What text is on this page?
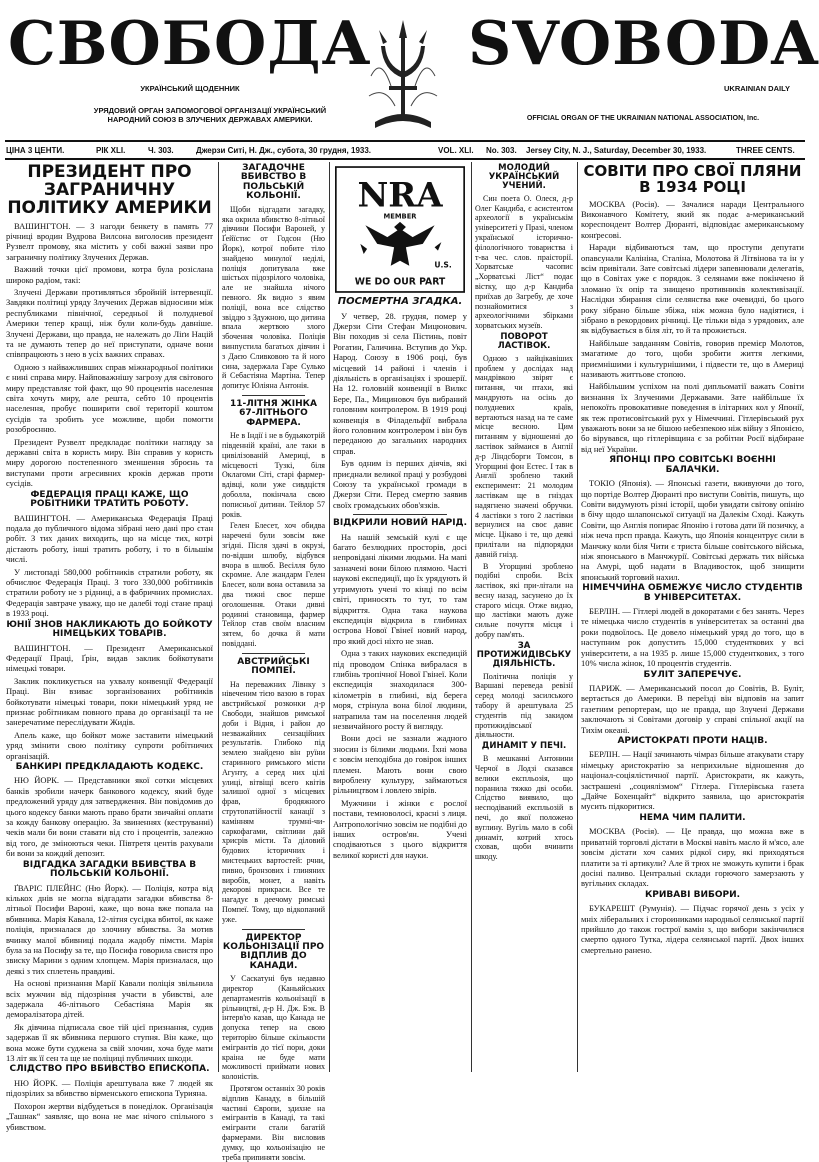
СВОБОДА SVOBODA
УКРАЇНСЬКИЙ ЩОДЕННИК	UKRAINIAN DAILY
УРЯДОВИЙ ОРГАН ЗАПОМОГОВОЇ ОРГАНІЗАЦІЇ УКРАЇНСЬКИЙ НАРОДНИЙ СОЮЗ В ЗЛУЧЕНИХ ДЕРЖАВАХ АМЕРИКИ.	OFFICIAL ORGAN OF THE UKRAINIAN NATIONAL ASSOCIATION, Inc.
ЦІНА 3 ЦЕНТИ.	РІК XLI.	Ч. 303.	Джерзи Ситі, Н. Дж., субота, 30 грудня, 1933.	VOL. XLI. No. 303. Jersey City, N. J., Saturday, December 30, 1933.	THREE CENTS.
ПРЕЗИДЕНТ ПРО ЗАГРАНИЧНУ ПОЛІТИКУ АМЕРИКИ

ВАШИНГТОН. — З нагоди бенкету в память 77 річниці вродин Вудрова Вилсона виголосив президент Рузвелт промову, яка містить у собі важні заяви про заграничну політику Злучених Держав.

Важний точки цієї промови, котра була розіслана широко радіом, такі:

Злучені Держави противляться збройній інтервенції. Завдяки політиці уряду Злучених Держав відносини між республиками північної, середньої й полудневої Америки тепер кращі, ніж були коли-будь давніше. Злучені Держави, що правда, не належать до Ліґи Націй та не думають тепер до неї приступати, одначе вони співпрацюють з нею в усіх важних справах.

Одною з найважливших справ міжнародньої політики є нині справа миру. Найповажнішу загрозу для світового миру представляє той факт, що 90 процентів населення світа хочуть миру, але решта, себто 10 процентів населення, пробує поширити свої території коштом сусідів та зробить усе можливе, щоби помогти розоброєнню.

Президент Рузвелт предкладає політики нагляду за державні світа в користь миру. Він справив у користь миру дорогою постепенного зменшення зброєнь та виступами проти агресивних кроків держав проти сусідів.

ФЕДЕРАЦІЯ ПРАЦІ КАЖЕ, ЩО РОБІТНИКИ ТРАТИТЬ РОБОТУ.

ВАШИНГТОН. — Американська Федерація Праці подала до публичного відома зібрані нею дані про стан робіт. З тих даних виходить, що на місце тих, котрі дістають роботу, інші тратить роботу, і то в більшім числі.

У листопаді 580,000 робітників стратили роботу, як обчислює Федерація Праці. З того 330,000 робітників стратили роботу не з рідниці, а в фабричних промислах. Федерація завтраче уважу, що не далебі тоді стане праці в 1933 році.

ЮНІЇ ЗНОВ НАКЛИКАЮТЬ ДО БОЙКОТУ НІМЕЦЬКИХ ТОВАРІВ.

ВАШИНГТОН. — Президент Американської Федерації Праці, Ґрін, видав заклик бойкотувати німецькі товари.

Заклик покликується на ухвалу конвенції Федерації Праці. Він взиває зорганізованих робітників бойкотувати німецькі товари, поки німецький уряд не признає робітникам повного права до організації та не занеречатиме переслідувати Жидів.

Апель каже, що бойкот може заставити німецький уряд змінити свою політику супроти робітничих організацій.

БАНКИРІ ПРЕДКЛАДАЮТЬ КОДЕКС.

НЮ ЙОРК. — Представники якої сотки місцевих банків зробили начерк банкового кодексу, який буде предложений уряду для затвердження. Він повідомив до цього кодексу банки мають право брати звичайні оплати за кожду банкову операцію. За звиненнях (кеструванні) чеків мали би вони ставати від сто і процентів, залежно від того, де зміноються чеки. Півтретя центів рахували би вони за кождий депозит.

ВІДГАДКА ЗАГАДКИ ВБИВСТВА В ПОЛЬСЬКІЙ КОЛЬОНІЇ.

ҐВАРІС ПЛЕЙНС (Ню Йорк). — Поліція, котра від кількох днів не могла відгадати загадки вбивства 8-літньої Посифи Вароні, каже, що вона вже попала на вбивника. Марія Кавала, 12-літня сусідка вбитої, як каже поліція, призналася до злочину вбивства. За мотив вчинку малої вбивниці подала жадобу пімсти. Марія була за на Посифу за те, що Посифа говорила свистя про звиску Марини з одним хлопцем. Марія призналася, що деякі з тих сплетень правдиві.

На основі признання Марії Кавали поліція звільнила всіх мужчин від підозріння участи в убивстві, але задержала 46-літнього Себастіяна Марія як деморалізатора дітей.

Як дівчина підписала свое тій цієї признання, судив задержав її як вбивника першого ступня. Він каже, що вона може бути суджена за свій злочин, хоча буде мати 13 літ як її сен та ще не поліциці публичних шкоди.

СЛІДСТВО ПРО ВБИВСТВО ЕПИСКОПА.

НЮ ЙОРК. — Поліція арештувала вже 7 людей як підозрілих за вбивство вірменського епископа Турияна.

Похорон жертви відбудеться в понеділок. Органiзація „Ташнак“ заявляє, що вона не має нічого спільного з убивством.

ЗАГАДОЧНЕ ВБИВСТВО В ПОЛЬСЬКІЙ КОЛЬОНІЇ.

Щоби відгадати загадку, яка окрила вбивство 8-літньої дівчини Посифи Вароней, у Ґейїстис от Годсон (Ню Йорк), котрої побите тіло знайдено минулої неділі, поліція допитувала вже шістьох підозрілого чоловіка, але не знайшла нічого певного. Як видно з явим поліції, вона все слідство звіддю з Здужною, що дитина впала жертвою злого збочення чоловіка. Поліція винпустила багатьох дівчин і з Даєю Сливковою та й ного сина, задержала Гаре Сулько й Себастіяна Мартіна. Тепер допитує Юліяна Антонія.

11-ЛІТНЯ ЖІНКА 67-ЛІТНЬОГО ФАРМЕРА.

Не в Індії і не в будьякотрій південній країні, але таки в цивілізованій Америці, в місцевості Тузкі, біля Оклагоми Сіті, старі фармер-вдівці, коли уже сивдцістя доболла, покінчала свою пописньої дитини. Тейлор 57 років.

Гелен Блесет, хоч обидва наречені були зовсім вже згідні. Після здачі в окрузі, по-відши шлюбу, відбувся вчора в шлюб. Весілля було скромне. Але жандарм Гелен Блесет, коли вона оставила за два тижні своє перше оголошення. Отаки дивні родинні становища, фармер Тейлор став своїм власним зятем, бо дочка й мати повіддані.

АВСТРИЙСЬКІ ПОМПЕЇ.

На переважних Лівнку з нівеченим тією вазою в горах австрийської розконки д-р Свободи, знайшов римської доби і Відня, і район до незважайних сензаційних результатів. Глибоко під землею знайдено він руїни старинного римського місти Агунту, а серед них цілі улиці, вітвіщі всего квітів залишої одної з місцевих фрав, бродяжного струтопатійностії канації з камінням трумні-чи-саркофагами, світлини дай хрисрів місти. Та діловий будових історичних і мистецьких вартостей: рчни, пивно, бронзових і глиняних виробів, монет, а навіть декорові прикраси. Все те нагадує в деечому римські Помпеї. Тому, що відкопаний уже.

ДИРЕКТОР КОЛЬОНІЗАЦІЇ ПРО ВІДПЛИВ ДО КАНАДИ.

У Саскатунi був недавно директор (Каньяйських департаментів кольонізації в рільництві, д-р Н. Дж. Бэк. В інтерв'ю казав, що Канада не допуска тепер на свою територію більше скількости емігрантів до тієї пори, доки краіна не буде мати можливості приймати нових колоністів.

Протягом останніх 30 років відплив Канаду, в більшій частині Європи, здихне на емігрантів в Канаді, та такі емігранти стали багатій фармерами. Він висловив думку, що кольонізацію не треба припиняти зовсім.

NRA
MEMBER
U.S.
WE DO OUR PART
ПОСМЕРТНА ЗГАДКА.

У четвер, 28. грудня, помер у Джерзи Сіти Стефан Мицюнович. Він походив зі села Пістинь, повіт Рогатин, Галичина. Вступив до Укр. Народ. Союзу в 1906 році, був місцевий 14 районі і членів і діяльність в організаціях і зрошерії. На 12. головній конвенції в Вилкс Бере, Па., Мициновоч був вибраний головним контролером. В 1919 році конвенція в Філадельфії вибрала його головним контролером і він був переданою до загальних народних справ.

Був одним із перших діячів, які приєднали великої праці у розбудовi Союзу та української громади в Джерзи Сiти. Перед смертю заявив своїх громадських обов'язків.

ВІДКРИЛИ НОВИЙ НАРІД.

На нашій земській кулі є ще багато безлюдних просторів, досі непровідані лікими людьми. На мапі зазначені вони білою плямою. Часті наукові експедиції, що їх урядують й утримують учені то кінці по всім світі, приносять то тут, то там відкриття. Одна така наукова експедиція відкрила в глибинах острова Нової Гвінеї новий народ, про який досі ніхто не знав.

Одна з таких наукових експедицій під проводом Спінка вибралася в глибінь тропічної Нової Гвінеї. Коли експедиція знаходилася 300-кілометрів в глибині, від берега моря, стрінула вона білої людини, натрапила там на поселення людей незвичайного росту й вигляду.

Вони досі не зазнали жадного зносин із білими людьми. Їхні мова є зовсім неподібна до говірок інших племен. Мають вони свою вироблену культуру, займаються рільництвом і ловлею звірів.

Мужчини і жінки є рослої постави, темноволосі, красні з лиця. Антропологічно зовсім не подібні до інших остров'ян. Учені сподіваються з цього відкриття великої користі для науки.

МОЛОДИЙ УКРАЇНСЬКИЙ УЧЕНИЙ.

Син поета О. Олеся, д-р Олег Кандиба, є асистентом археології в українськім університеті у Празі, членом української історично-філологічного товариства і т-ва чес. слов. праісторії. Хорватське часопис „Хорватські Ліст“ подає вістку, що д-р Кандиба приїхав до Загребу, де хоче познайомитися з археологічними збірками хорватських музеїв.

ПОВОРОТ ЛАСТІВОК.

Одною з найцікавіших проблем у дослідах над мандрівкою звірят є питання, чи птахи, які мандрують на осінь до полудневих країв, вертаються назад на те саме місце весною. Цим питанням у відношенні до ластівок займаися в Англії д-р Ліндсборги Томсон, в Угорщині фон Естес. І так в Англії зроблено такий експеримент: 21 молодим ластівкам ще в гніздах надягнено значені обручки. 4 ластівки з того 2 ластівки вернулися на своє давнє місце. Цікаво і те, що деякі прилітали на підпорядки давній гнізд.

В Угорщині зроблено подібні спроби. Всіх ластівок, які при-літали на весну назад, засунено до їх старого місця. Отже видно, що ластівки мають дуже сильне почуття місця і добру пам'ять.

ЗА ПРОТИЖИДІВСЬКУ ДІЯЛЬНІСТЬ.

Політична поліція у Варшаві переведа ревізії серед молоді засилського табору й арештувала 25 студентів під закидом протижидівської діяльности.

ДИНАМІТ У ПЕЧІ.

В мешканні Антонини Черчої в Лодзі сказався велики експльозія, що поранила тяжко дві особи. Слідство виявило, що несподіваний експльозій в печі, до якої положено вуглину. Вугіль мало в собі динаміт, котрий хтось сховав, щоби вчинити шкоду.

СОВІТИ ПРО СВОЇ ПЛЯНИ В 1934 РОЦІ

МОСКВА (Росія). — Зачалися наради Центрального Виконавчого Комітету, який як подає а-мериканський кореспондент Волтер Дюранті, відповідає американському конґресові.

Наради відбиваються там, що проступи депутати опавсунали Калініна, Сталіна, Молотова й Літвінова та ін у всім привітали. Зате совітські лідери запевнювали делегатів, що в Совітах уже є порядок. З селянами вже покінчено й зломано їх опір та знищено противників колективізації. Наслідки збирання сіли селянства вже очевидні, бо цього року зібрано більше збіжа, ніж можна було надіятися, і зібрано в рекордових річниці. Це тільки віда з урядових, але як відбувається в біля літ, то й та прожиється.

Найбільше завданням Совітів, говорив премієр Молотов, змагатиме до того, щоби зробити життя легкими, приємнішими і культурнішими, і підвести те, що в Америці називають життьове стопою.

Найбільшим успіхом на полі дипльоматії важать Совіти визнання їх Злученими Державами. Зате найбільше їх непокоїть провокативне поведення в ілітарних кол у Японії, як теж протисовітський рух у Німеччині. Гітлерівський рух уважають вони за не бішою небезпекою ніж війну з Японією, бо вірувався, що гітлерівщина є за робітни Росії відбиране від неї України.

ЯПОНЦІ ПРО СОВІТСЬКІ ВОЄННІ БАЛАЧКИ.

ТОКІО (Японія). — Японські газети, вживуючи до того, що портіде Волтер Дюранті про виступи Совітів, пишуть, що Совіти видумують різні історії, щоби увидати світову опінію в бічу щодо шлапонської ситуації на Далекім Сході. Кажуть Совіти, що Англія попирає Японію і готова дати їй позичку, а ніж неча прсп правда. Кажуть, що Японія концентрує сили в Манчжу коли біля Чити є триста більше совітського війська, ніж японського в Манчжурії. Совітські держать тих війська на Амурі, щоб надати в Владивосток, щоб знищити японський торговий нахил.

НІМЕЧЧИНА ОБМЕЖУЄ ЧИСЛО СТУДЕНТІВ В УНІВЕРСИТЕТАХ.

БЕРЛІН. — Гітлері людей в докоратами є без занять. Через те німецька число студентів в університетах за останні два роки подвоїлось. Це довело німецький уряд до того, що в наступним рок допустить 15,000 студенткових у всі університети, а на 1935 р. лише 15,000 студенткових, з того 10% числа жінок, 10 процентів студентів.

БУЛІТ ЗАПЕРЕЧУЄ.

ПАРИЖ. — Американський посол до Совітів, В. Буліт, вертається до Америки. В переїзді він відповів на запит газетним репортерам, що не правда, що Злучені Держави заключають зі Совітами договір у справі спільної акції на Тихім океані.

АРИСТОКРАТІ ПРОТИ НАЦІВ.

БЕРЛІН. — Нації зачинають чімраз більше атакувати стару німецьку аристократію за неприхильне відношення до націонал-соціялістичної партії. Аристократи, як кажуть, застрашені „социялізмом“ Гітлера. Гітлерівська газета „Дайче Бохенцайт“ відкрито заявила, що аристократія мусить підкоритися.

НЕМА ЧИМ ПАЛИТИ.

МОСКВА (Росія). — Це правда, що можна вже в приватній торговлі дістати в Москві навіть масло й м'ясо, але зовсім дістати хоч самих рідкої сиру, які приходяться платити за ті артикули? Але й трюх не зможуть купити і брак досіні паливо. Центральні склади горючого замерзають у вугільних складах.

КРИВАВІ ВИБОРИ.

БУКАРЕШТ (Румунія). — Підчас горячої день з усіх у мніх ліберальних і стороиниками народньої селянської партії прийшло до також гострої вамін з, що вибори закінчилися смертю одного Тутка, лідера селянської партії. Двох інших смертельно ранено.
